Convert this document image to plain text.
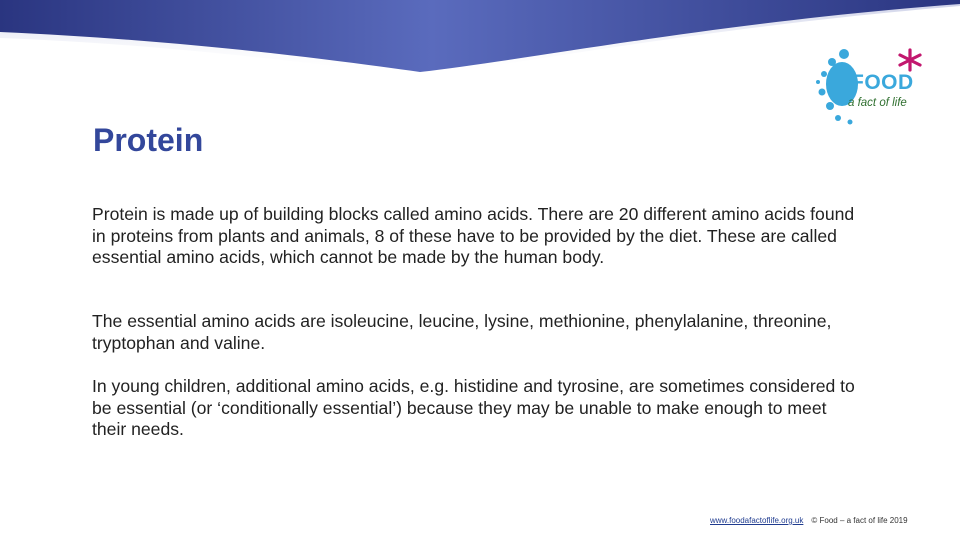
FOOD
a fact of life
Protein

Protein is made up of building blocks called amino acids. There are 20 different amino acids found in proteins from plants and animals, 8 of these have to be provided by the diet. These are called essential amino acids, which cannot be made by the human body.

The essential amino acids are isoleucine, leucine, lysine, methionine, phenylalanine, threonine, tryptophan and valine.

In young children, additional amino acids, e.g. histidine and tyrosine, are sometimes considered to be essential (or ‘conditionally essential’) because they may be unable to make enough to meet their needs.

www.foodafactoflife.org.uk © Food – a fact of life 2019
